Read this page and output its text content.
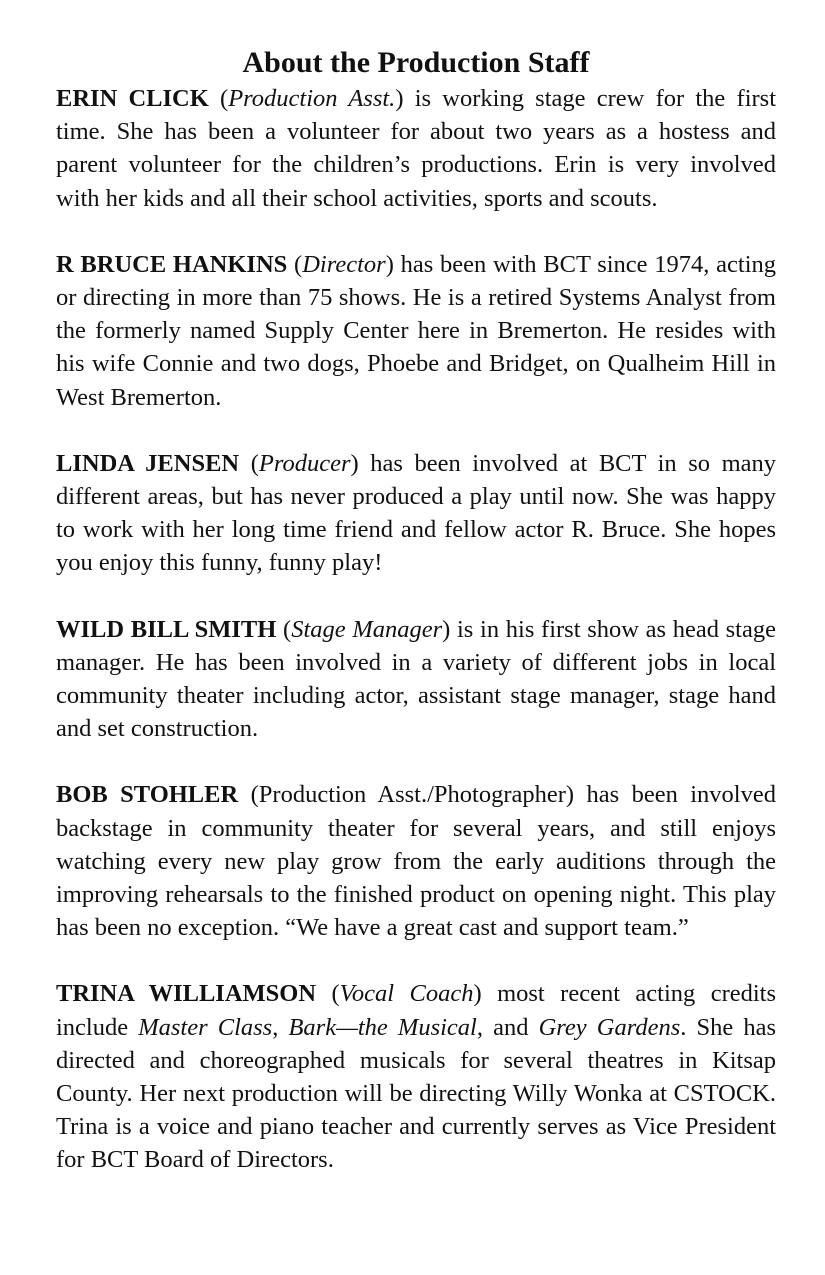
About the Production Staff

ERIN CLICK (Production Asst.) is working stage crew for the first time. She has been a volunteer for about two years as a hostess and parent volunteer for the children’s productions. Erin is very involved with her kids and all their school activities, sports and scouts.

R BRUCE HANKINS (Director) has been with BCT since 1974, acting or directing in more than 75 shows. He is a retired Systems Analyst from the formerly named Supply Center here in Bremerton. He resides with his wife Connie and two dogs, Phoebe and Bridget, on Qualheim Hill in West Bremerton.

LINDA JENSEN (Producer) has been involved at BCT in so many different areas, but has never produced a play until now. She was happy to work with her long time friend and fellow actor R. Bruce. She hopes you enjoy this funny, funny play!

WILD BILL SMITH (Stage Manager) is in his first show as head stage manager. He has been involved in a variety of different jobs in local community theater including actor, assistant stage manager, stage hand and set construction.

BOB STOHLER (Production Asst./Photographer) has been involved backstage in community theater for several years, and still enjoys watching every new play grow from the early auditions through the improving rehearsals to the finished product on opening night. This play has been no exception. “We have a great cast and support team.”

TRINA WILLIAMSON (Vocal Coach) most recent acting credits include Master Class, Bark—the Musical, and Grey Gardens. She has directed and choreographed musicals for several theatres in Kitsap County. Her next production will be directing Willy Wonka at CSTOCK. Trina is a voice and piano teacher and currently serves as Vice President for BCT Board of Directors.
